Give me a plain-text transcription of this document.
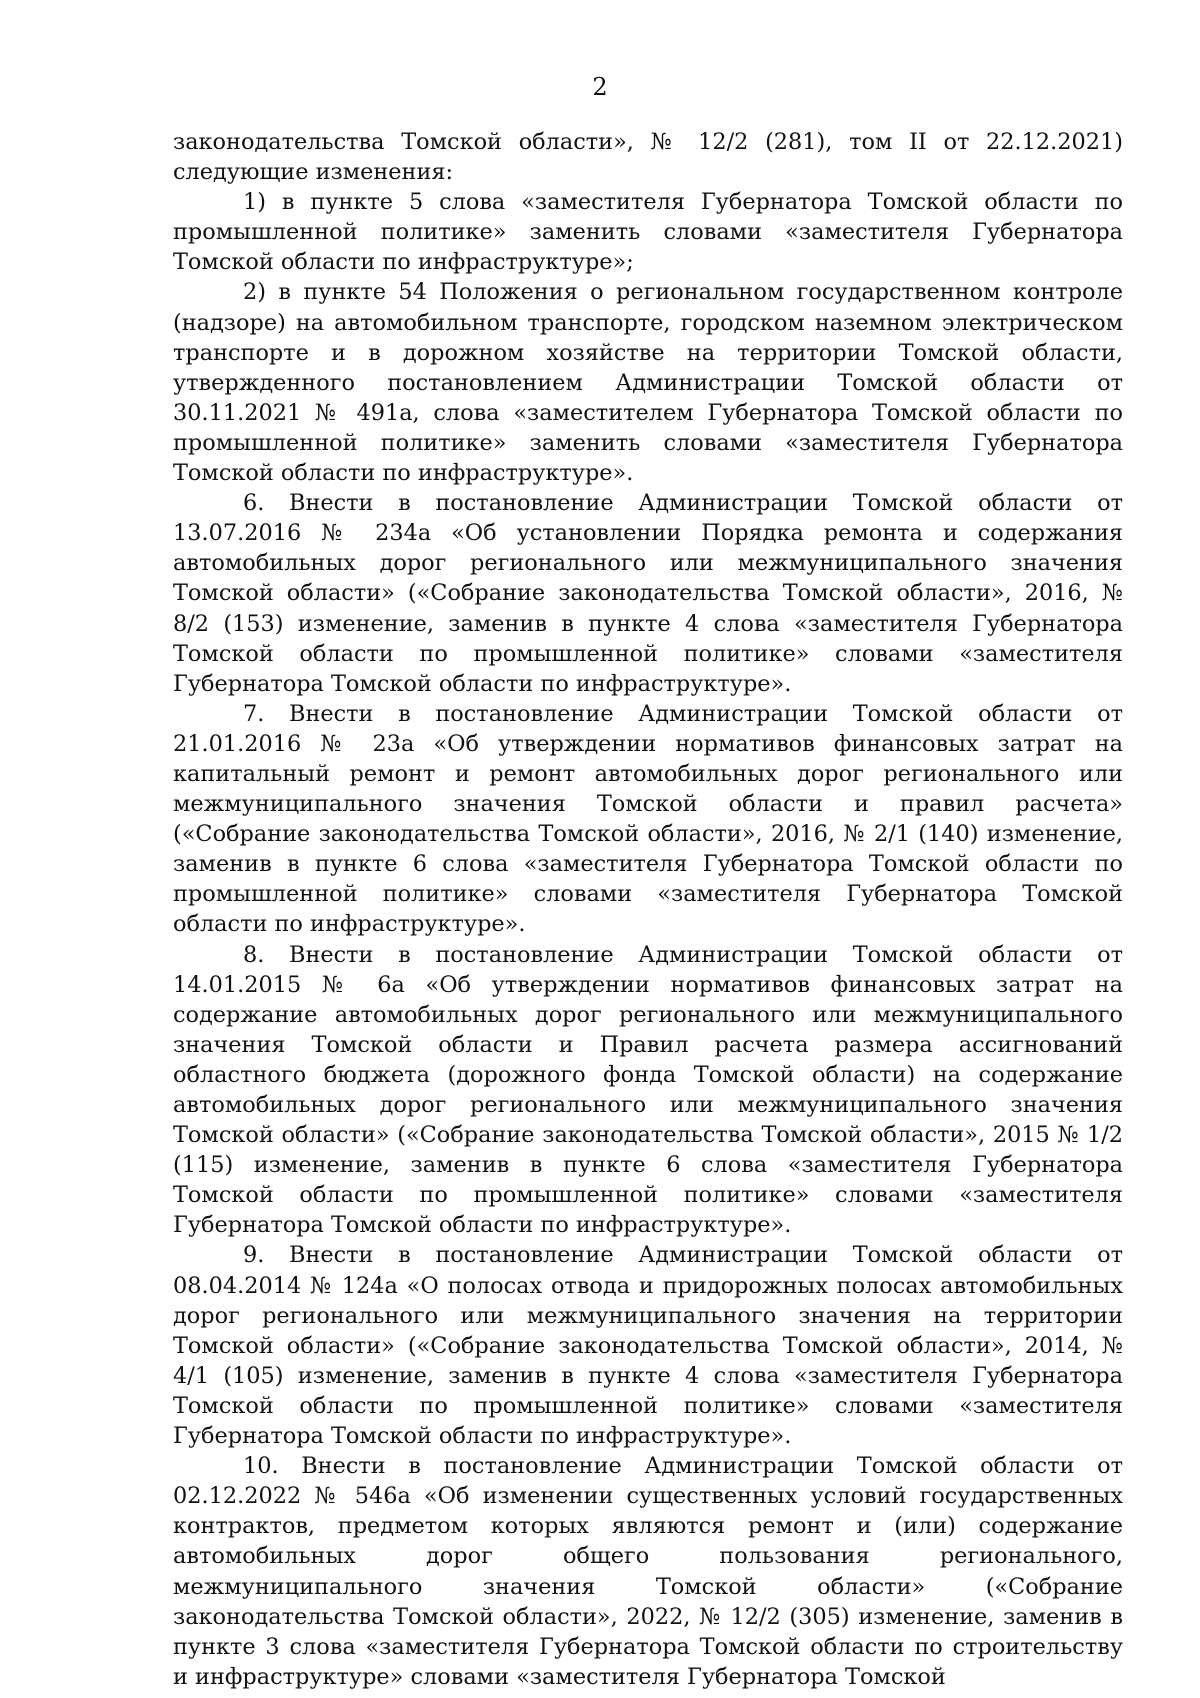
2

законодательства Томской области», № 12/2 (281), том II от 22.12.2021) следующие изменения:

1) в пункте 5 слова «заместителя Губернатора Томской области по промышленной политике» заменить словами «заместителя Губернатора Томской области по инфраструктуре»;

2) в пункте 54 Положения о региональном государственном контроле (надзоре) на автомобильном транспорте, городском наземном электрическом транспорте и в дорожном хозяйстве на территории Томской области, утвержденного постановлением Администрации Томской области от 30.11.2021 № 491а, слова «заместителем Губернатора Томской области по промышленной политике» заменить словами «заместителя Губернатора Томской области по инфраструктуре».

6. Внести в постановление Администрации Томской области от 13.07.2016 № 234а «Об установлении Порядка ремонта и содержания автомобильных дорог регионального или межмуниципального значения Томской области» («Собрание законодательства Томской области», 2016, № 8/2 (153) изменение, заменив в пункте 4 слова «заместителя Губернатора Томской области по промышленной политике» словами «заместителя Губернатора Томской области по инфраструктуре».

7. Внести в постановление Администрации Томской области от 21.01.2016 № 23а «Об утверждении нормативов финансовых затрат на капитальный ремонт и ремонт автомобильных дорог регионального или межмуниципального значения Томской области и правил расчета» («Собрание законодательства Томской области», 2016, № 2/1 (140) изменение, заменив в пункте 6 слова «заместителя Губернатора Томской области по промышленной политике» словами «заместителя Губернатора Томской области по инфраструктуре».

8. Внести в постановление Администрации Томской области от 14.01.2015 № 6а «Об утверждении нормативов финансовых затрат на содержание автомобильных дорог регионального или межмуниципального значения Томской области и Правил расчета размера ассигнований областного бюджета (дорожного фонда Томской области) на содержание автомобильных дорог регионального или межмуниципального значения Томской области» («Собрание законодательства Томской области», 2015 № 1/2 (115) изменение, заменив в пункте 6 слова «заместителя Губернатора Томской области по промышленной политике» словами «заместителя Губернатора Томской области по инфраструктуре».

9. Внести в постановление Администрации Томской области от 08.04.2014 № 124а «О полосах отвода и придорожных полосах автомобильных дорог регионального или межмуниципального значения на территории Томской области» («Собрание законодательства Томской области», 2014, № 4/1 (105) изменение, заменив в пункте 4 слова «заместителя Губернатора Томской области по промышленной политике» словами «заместителя Губернатора Томской области по инфраструктуре».

10. Внести в постановление Администрации Томской области от 02.12.2022 № 546а «Об изменении существенных условий государственных контрактов, предметом которых являются ремонт и (или) содержание автомобильных дорог общего пользования регионального, межмуниципального значения Томской области» («Собрание законодательства Томской области», 2022, № 12/2 (305) изменение, заменив в пункте 3 слова «заместителя Губернатора Томской области по строительству и инфраструктуре» словами «заместителя Губернатора Томской
